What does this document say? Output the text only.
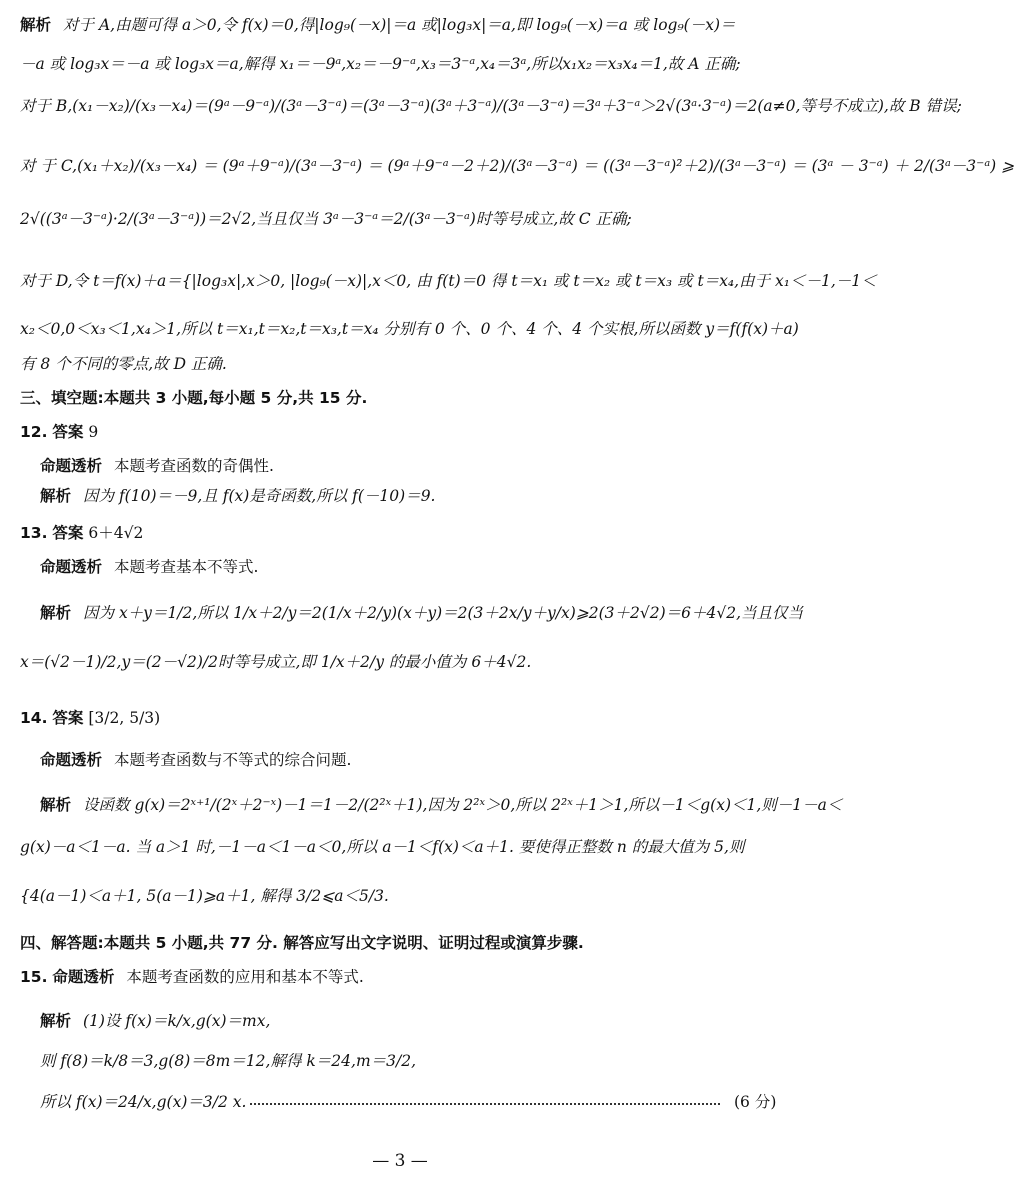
解析 对于 A,由题可得 a＞0,令 f(x)＝0,得|log₉(－x)|＝a 或|log₃x|＝a,即 log₉(－x)＝a 或 log₉(－x)＝
－a 或 log₃x＝－a 或 log₃x＝a,解得 x₁＝－9ᵃ,x₂＝－9⁻ᵃ,x₃＝3⁻ᵃ,x₄＝3ᵃ,所以x₁x₂＝x₃x₄＝1,故 A 正确;
对于 B,(x₁－x₂)/(x₃－x₄)＝(9ᵃ－9⁻ᵃ)/(3ᵃ－3⁻ᵃ)＝(3ᵃ－3⁻ᵃ)(3ᵃ＋3⁻ᵃ)/(3ᵃ－3⁻ᵃ)＝3ᵃ＋3⁻ᵃ＞2√(3ᵃ·3⁻ᵃ)＝2(a≠0,等号不成立),故 B 错误;
对 于 C,(x₁＋x₂)/(x₃－x₄) ＝ (9ᵃ＋9⁻ᵃ)/(3ᵃ－3⁻ᵃ) ＝ (9ᵃ＋9⁻ᵃ－2＋2)/(3ᵃ－3⁻ᵃ) ＝ ((3ᵃ－3⁻ᵃ)²＋2)/(3ᵃ－3⁻ᵃ) ＝ (3ᵃ － 3⁻ᵃ) ＋ 2/(3ᵃ－3⁻ᵃ) ⩾
2√((3ᵃ－3⁻ᵃ)·2/(3ᵃ－3⁻ᵃ))＝2√2,当且仅当 3ᵃ－3⁻ᵃ＝2/(3ᵃ－3⁻ᵃ)时等号成立,故 C 正确;
对于 D,令 t＝f(x)＋a＝{|log₃x|,x＞0, |log₉(－x)|,x＜0, 由 f(t)＝0 得 t＝x₁ 或 t＝x₂ 或 t＝x₃ 或 t＝x₄,由于 x₁＜－1,－1＜
x₂＜0,0＜x₃＜1,x₄＞1,所以 t＝x₁,t＝x₂,t＝x₃,t＝x₄ 分别有 0 个、0 个、4 个、4 个实根,所以函数 y＝f(f(x)＋a)
有 8 个不同的零点,故 D 正确.
三、填空题:本题共 3 小题,每小题 5 分,共 15 分.
12. 答案 9
命题透析 本题考查函数的奇偶性.
解析 因为 f(10)＝－9,且 f(x)是奇函数,所以 f(－10)＝9.
13. 答案 6＋4√2
命题透析 本题考查基本不等式.
解析 因为 x＋y＝1/2,所以 1/x＋2/y＝2(1/x＋2/y)(x＋y)＝2(3＋2x/y＋y/x)⩾2(3＋2√2)＝6＋4√2,当且仅当
x＝(√2－1)/2,y＝(2－√2)/2时等号成立,即 1/x＋2/y 的最小值为 6＋4√2.
14. 答案 [3/2, 5/3)
命题透析 本题考查函数与不等式的综合问题.
解析 设函数 g(x)＝2ˣ⁺¹/(2ˣ＋2⁻ˣ)－1＝1－2/(2²ˣ＋1),因为 2²ˣ＞0,所以 2²ˣ＋1＞1,所以－1＜g(x)＜1,则－1－a＜
g(x)－a＜1－a. 当 a＞1 时,－1－a＜1－a＜0,所以 a－1＜f(x)＜a＋1. 要使得正整数 n 的最大值为 5,则
{4(a－1)＜a＋1, 5(a－1)⩾a＋1, 解得 3/2⩽a＜5/3.
四、解答题:本题共 5 小题,共 77 分. 解答应写出文字说明、证明过程或演算步骤.
15. 命题透析 本题考查函数的应用和基本不等式.
解析 (1)设 f(x)＝k/x,g(x)＝mx,
则 f(8)＝k/8＝3,g(8)＝8m＝12,解得 k＝24,m＝3/2,
所以 f(x)＝24/x,g(x)＝3/2 x.	(6 分)
— 3 —
